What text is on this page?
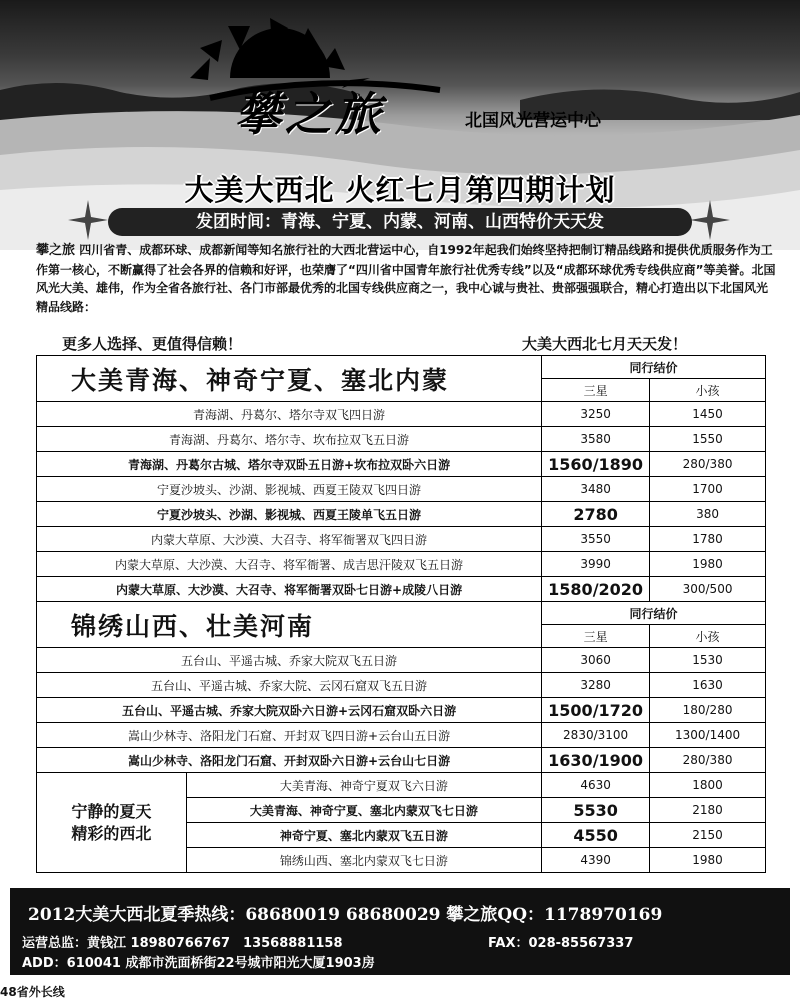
攀之旅	北国风光营运中心
大美大西北 火红七月第四期计划
发团时间：青海、宁夏、内蒙、河南、山西特价天天发
攀之旅 四川省青、成都环球、成都新闻等知名旅行社的大西北营运中心，自1992年起我们始终坚持把制订精品线路和提供优质服务作为工作第一核心，不断赢得了社会各界的信赖和好评，也荣膺了“四川省中国青年旅行社优秀专线”以及“成都环球优秀专线供应商”等美誉。北国风光大美、雄伟，作为全省各旅行社、各门市部最优秀的北国专线供应商之一，我中心诚与贵社、贵部强强联合，精心打造出以下北国风光精品线路：
更多人选择、更值得信赖！	大美大西北七月天天发！
大美青海、神奇宁夏、塞北内蒙		同行结价	
		三星	小孩
青海湖、丹葛尔、塔尔寺双飞四日游		3250	1450
青海湖、丹葛尔、塔尔寺、坎布拉双飞五日游		3580	1550
青海湖、丹葛尔古城、塔尔寺双卧五日游+坎布拉双卧六日游		1560/1890	280/380
宁夏沙坡头、沙湖、影视城、西夏王陵双飞四日游		3480	1700
宁夏沙坡头、沙湖、影视城、西夏王陵单飞五日游		2780	380
内蒙大草原、大沙漠、大召寺、将军衙署双飞四日游		3550	1780
内蒙大草原、大沙漠、大召寺、将军衙署、成吉思汗陵双飞五日游		3990	1980
内蒙大草原、大沙漠、大召寺、将军衙署双卧七日游+成陵八日游		1580/2020	300/500
锦绣山西、壮美河南		同行结价	
		三星	小孩
五台山、平遥古城、乔家大院双飞五日游		3060	1530
五台山、平遥古城、乔家大院、云冈石窟双飞五日游		3280	1630
五台山、平遥古城、乔家大院双卧六日游+云冈石窟双卧六日游		1500/1720	180/280
嵩山少林寺、洛阳龙门石窟、开封双飞四日游+云台山五日游		2830/3100	1300/1400
嵩山少林寺、洛阳龙门石窟、开封双卧六日游+云台山七日游		1630/1900	280/380

宁静的夏天
精彩的西北	大美青海、神奇宁夏双飞六日游	4630	1800
	大美青海、神奇宁夏、塞北内蒙双飞七日游	5530	2180
	神奇宁夏、塞北内蒙双飞五日游	4550	2150
	锦绣山西、塞北内蒙双飞七日游	4390	1980
2012大美大西北夏季热线：68680019 68680029 攀之旅QQ：1178970169
运营总监：黄钱江 18980766767　13568881158	FAX：028-85567337
ADD：610041 成都市洗面桥街22号城市阳光大厦1903房
48省外长线
